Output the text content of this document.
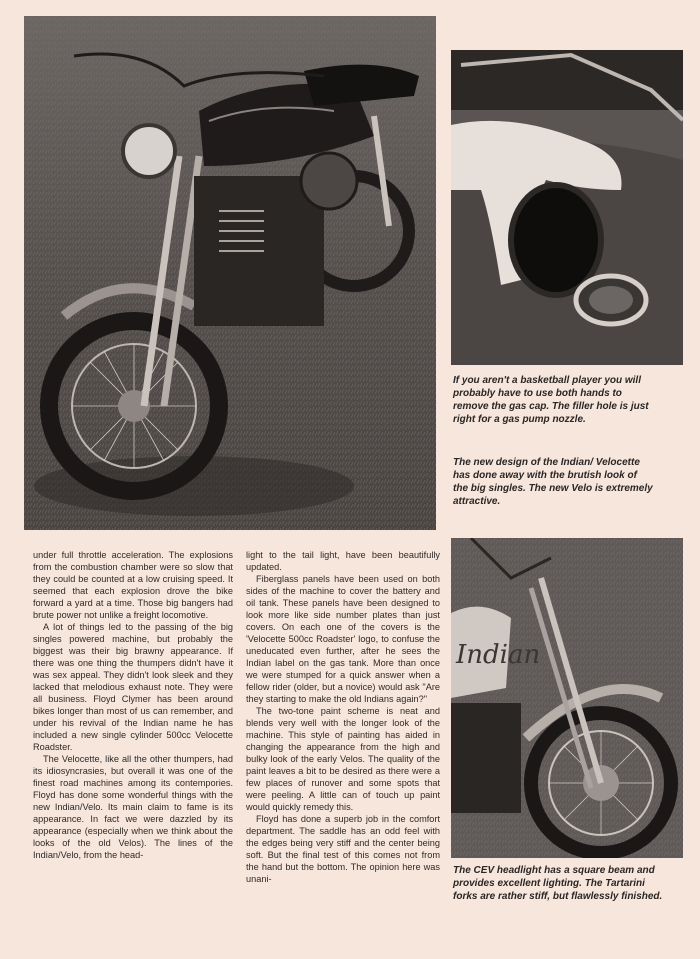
Indian
If you aren't a basketball player you will probably have to use both hands to remove the gas cap. The filler hole is just right for a gas pump nozzle.
The new design of the Indian/ Velocette has done away with the brutish look of the big singles. The new Velo is extremely attractive.
The CEV headlight has a square beam and provides excellent lighting. The Tartarini forks are rather stiff, but flawlessly finished.

under full throttle acceleration. The explosions from the combustion chamber were so slow that they could be counted at a low cruising speed. It seemed that each explosion drove the bike forward a yard at a time. Those big bangers had brute power not unlike a freight locomotive.

A lot of things led to the passing of the big singles powered machine, but probably the biggest was their big brawny appearance. If there was one thing the thumpers didn't have it was sex appeal. They didn't look sleek and they lacked that melodious exhaust note. They were all business. Floyd Clymer has been around bikes longer than most of us can remember, and under his revival of the Indian name he has included a new single cylinder 500cc Velocette Roadster.

The Velocette, like all the other thumpers, had its idiosyncrasies, but overall it was one of the finest road machines among its contempories. Floyd has done some wonderful things with the new Indian/Velo. Its main claim to fame is its appearance. In fact we were dazzled by its appearance (especially when we think about the looks of the old Velos). The lines of the Indian/Velo, from the head-

light to the tail light, have been beautifully updated.

Fiberglass panels have been used on both sides of the machine to cover the battery and oil tank. These panels have been designed to look more like side number plates than just covers. On each one of the covers is the 'Velocette 500cc Roadster' logo, to confuse the uneducated even further, after he sees the Indian label on the gas tank. More than once we were stumped for a quick answer when a fellow rider (older, but a novice) would ask "Are they starting to make the old Indians again?"

The two-tone paint scheme is neat and blends very well with the longer look of the machine. This style of painting has aided in changing the appearance from the high and bulky look of the early Velos. The quality of the paint leaves a bit to be desired as there were a few places of runover and some spots that were peeling. A little can of touch up paint would quickly remedy this.

Floyd has done a superb job in the comfort department. The saddle has an odd feel with the edges being very stiff and the center being soft. But the final test of this comes not from the hand but the bottom. The opinion here was unani-
